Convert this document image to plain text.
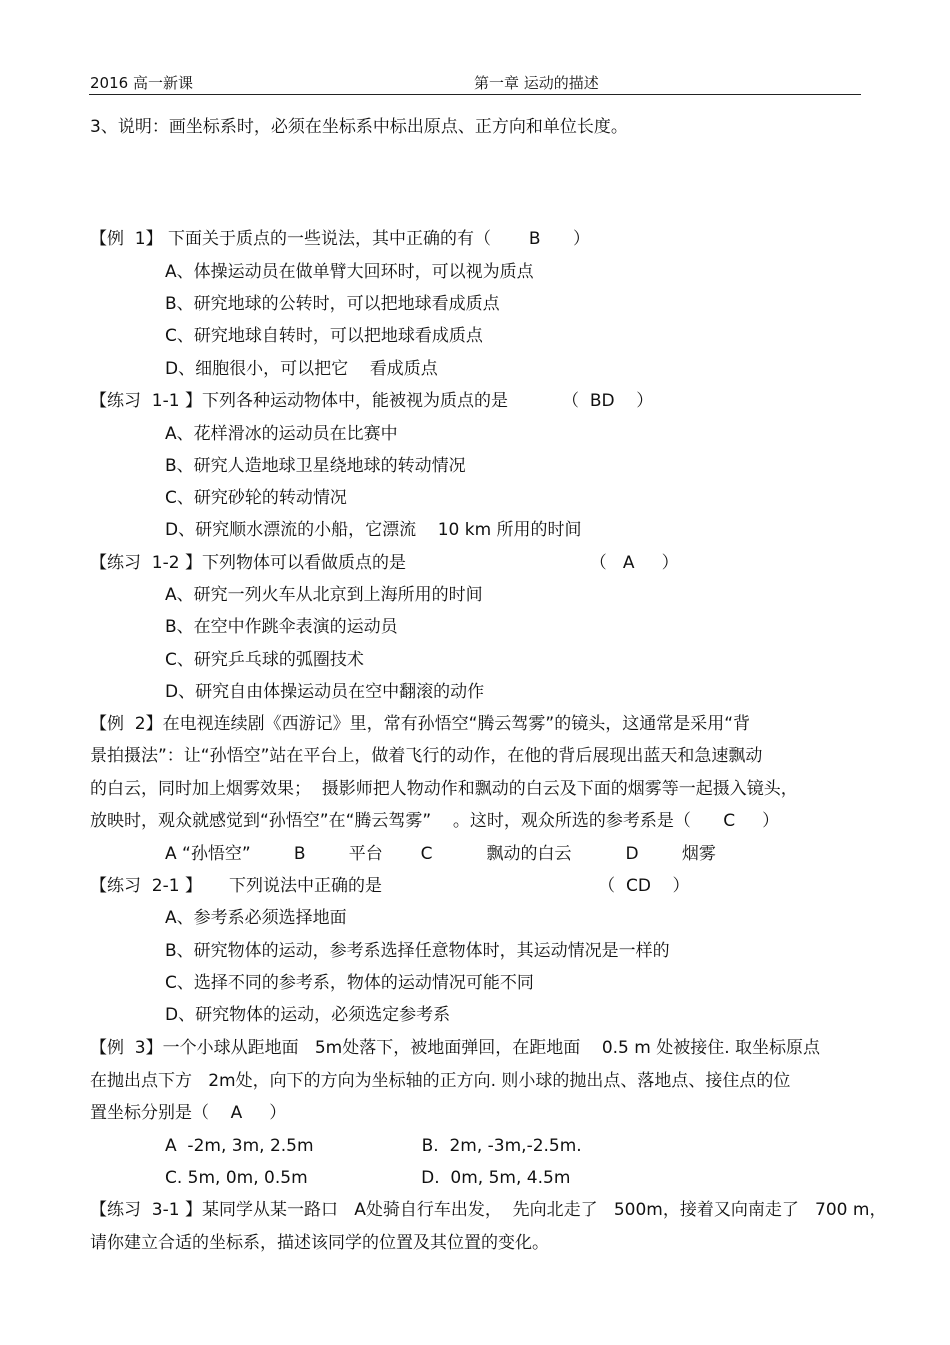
2016 高一新课	第一章 运动的描述
3、说明：画坐标系时，必须在坐标系中标出原点、正方向和单位长度。
【例  1】 下面关于质点的一些说法，其中正确的有（       B      ）
A、体操运动员在做单臂大回环时，可以视为质点
B、研究地球的公转时，可以把地球看成质点
C、研究地球自转时，可以把地球看成质点
D、细胞很小，可以把它    看成质点
【练习  1-1 】下列各种运动物体中，能被视为质点的是          （  BD    ）
A、花样滑冰的运动员在比赛中
B、研究人造地球卫星绕地球的转动情况
C、研究砂轮的转动情况
D、研究顺水漂流的小船，它漂流    10 km 所用的时间
【练习  1-2 】下列物体可以看做质点的是                                  （   A     ）
A、研究一列火车从北京到上海所用的时间
B、在空中作跳伞表演的运动员
C、研究乒乓球的弧圈技术
D、研究自由体操运动员在空中翻滚的动作
【例  2】在电视连续剧《西游记》里，常有孙悟空“腾云驾雾”的镜头，这通常是采用“背
景拍摄法”：让“孙悟空”站在平台上，做着飞行的动作，在他的背后展现出蓝天和急速飘动
的白云，同时加上烟雾效果；  摄影师把人物动作和飘动的白云及下面的烟雾等一起摄入镜头，
放映时，观众就感觉到“孙悟空”在“腾云驾雾”    。这时，观众所选的参考系是（      C     ）
A “孙悟空”        B        平台       C          飘动的白云          D        烟雾
【练习  2-1 】     下列说法中正确的是                                        （  CD    ）
A、参考系必须选择地面
B、研究物体的运动，参考系选择任意物体时，其运动情况是一样的
C、选择不同的参考系，物体的运动情况可能不同
D、研究物体的运动，必须选定参考系
【例  3】一个小球从距地面   5m处落下，被地面弹回，在距地面    0.5 m 处被接住. 取坐标原点
在抛出点下方   2m处，向下的方向为坐标轴的正方向. 则小球的抛出点、落地点、接住点的位
置坐标分别是（    A     ）
A  -2m, 3m, 2.5m                    B.  2m, -3m,-2.5m.
C. 5m, 0m, 0.5m                     D.  0m, 5m, 4.5m
【练习  3-1 】某同学从某一路口   A处骑自行车出发，  先向北走了   500m，接着又向南走了   700 m，
请你建立合适的坐标系，描述该同学的位置及其位置的变化。
